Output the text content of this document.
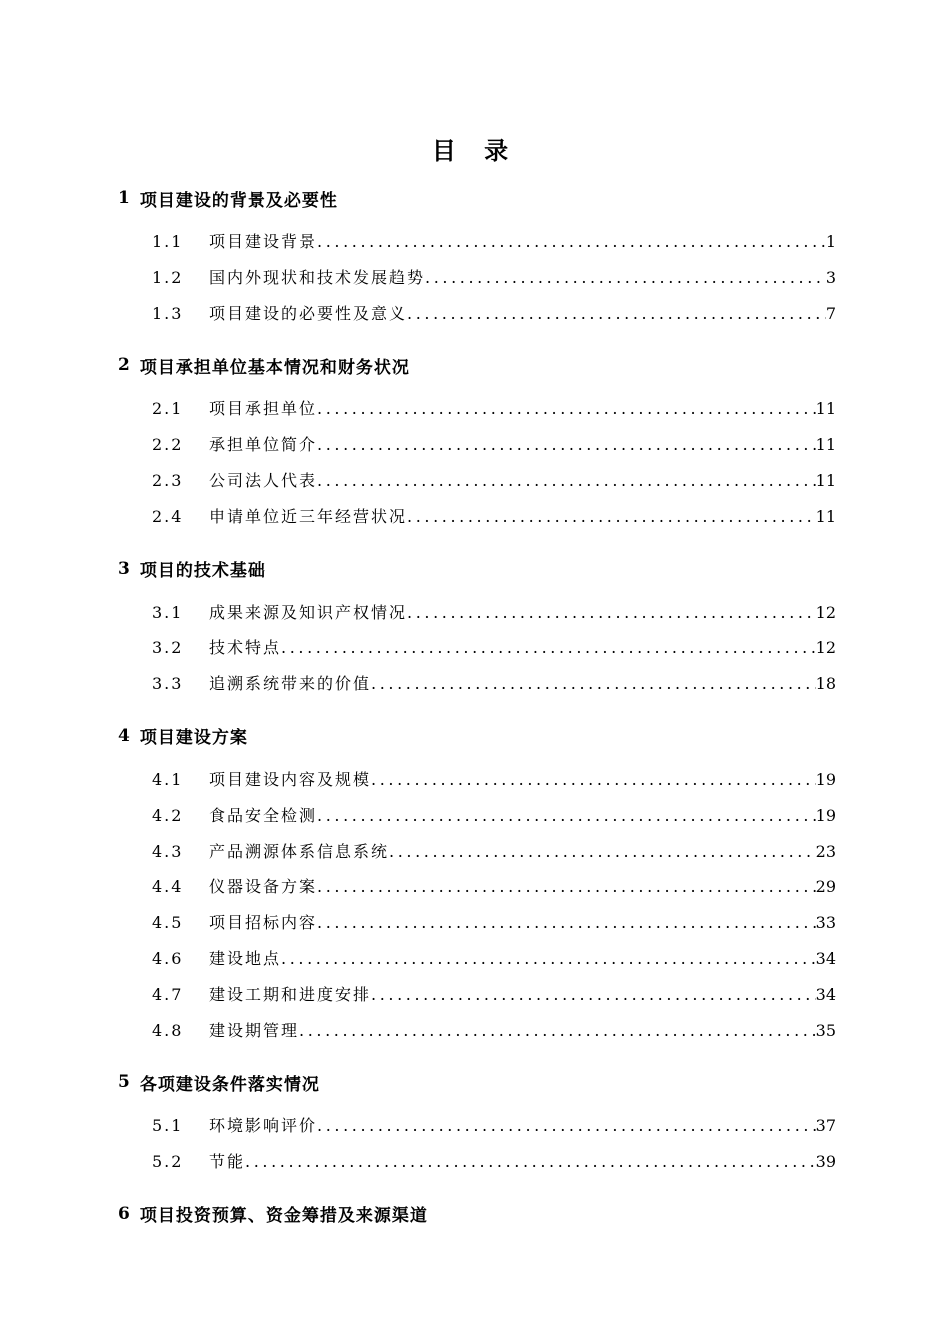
目 录
1 项目建设的背景及必要性
1.1	项目建设背景 .....	1
1.2	国内外现状和技术发展趋势 .....	3
1.3	项目建设的必要性及意义 .....	7
2 项目承担单位基本情况和财务状况
2.1	项目承担单位 .....	11
2.2	承担单位简介 .....	11
2.3	公司法人代表 .....	11
2.4	申请单位近三年经营状况 .....	11
3 项目的技术基础
3.1	成果来源及知识产权情况 .....	12
3.2	技术特点 .....	12
3.3	追溯系统带来的价值 .....	18
4 项目建设方案
4.1	项目建设内容及规模 .....	19
4.2	食品安全检测 .....	19
4.3	产品溯源体系信息系统 .....	23
4.4	仪器设备方案 .....	29
4.5	项目招标内容 .....	33
4.6	建设地点 .....	34
4.7	建设工期和进度安排 .....	34
4.8	建设期管理 .....	35
5 各项建设条件落实情况
5.1	环境影响评价 .....	37
5.2	节能 .....	39
6 项目投资预算、资金筹措及来源渠道
